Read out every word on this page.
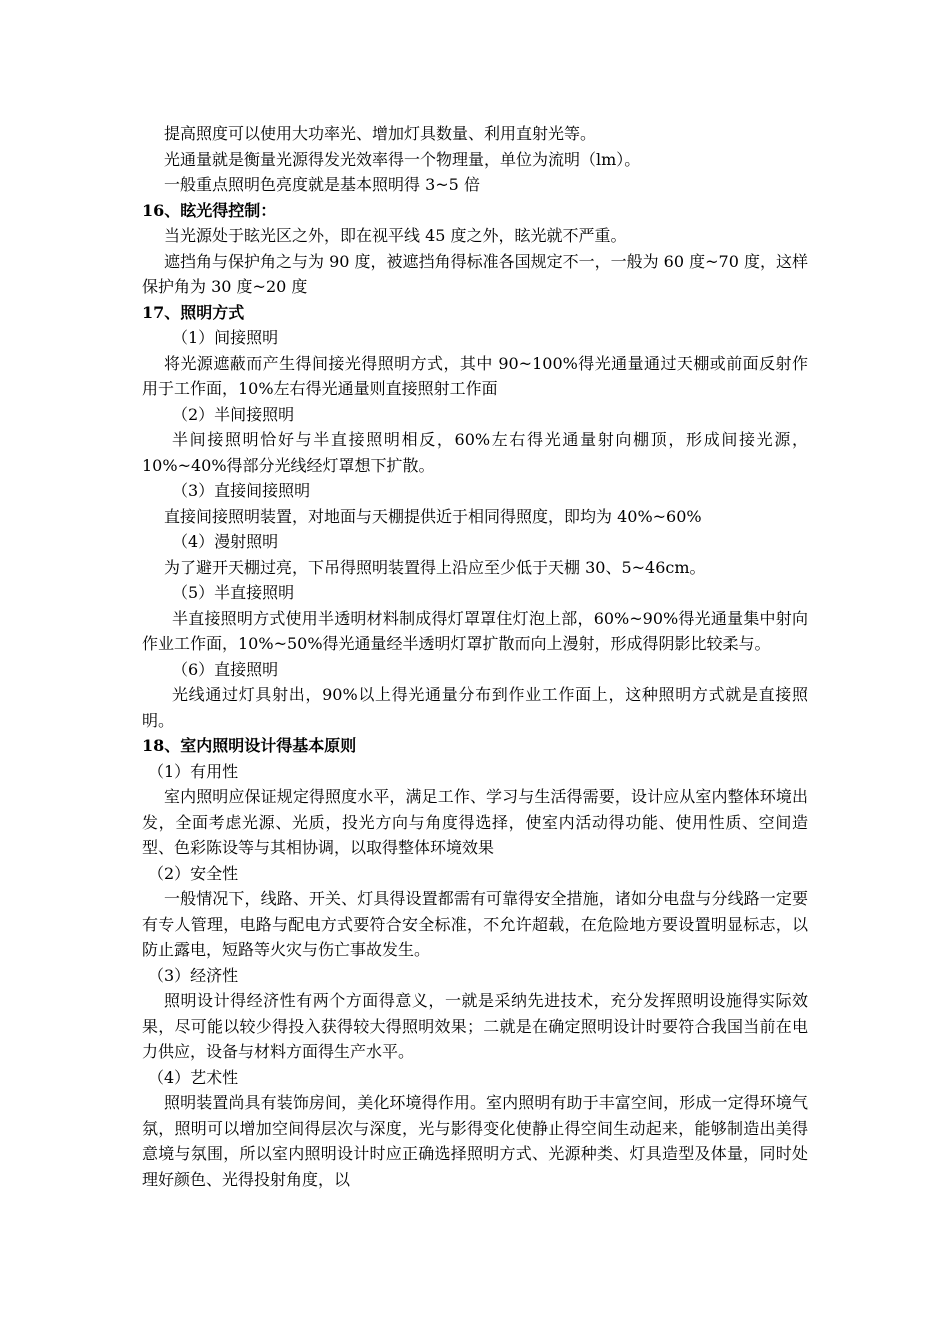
提高照度可以使用大功率光、增加灯具数量、利用直射光等。

光通量就是衡量光源得发光效率得一个物理量，单位为流明（lm）。

一般重点照明色亮度就是基本照明得 3~5 倍

16、眩光得控制：

当光源处于眩光区之外，即在视平线 45 度之外，眩光就不严重。

遮挡角与保护角之与为 90 度，被遮挡角得标准各国规定不一，一般为 60 度~70 度，这样保护角为 30 度~20 度

17、照明方式

（1）间接照明

将光源遮蔽而产生得间接光得照明方式，其中 90~100%得光通量通过天棚或前面反射作用于工作面，10%左右得光通量则直接照射工作面

（2）半间接照明

半间接照明恰好与半直接照明相反，60%左右得光通量射向棚顶，形成间接光源，10%~40%得部分光线经灯罩想下扩散。

（3）直接间接照明

直接间接照明装置，对地面与天棚提供近于相同得照度，即均为 40%~60%

（4）漫射照明

为了避开天棚过亮，下吊得照明装置得上沿应至少低于天棚 30、5~46cm。

（5）半直接照明

半直接照明方式使用半透明材料制成得灯罩罩住灯泡上部，60%~90%得光通量集中射向作业工作面，10%~50%得光通量经半透明灯罩扩散而向上漫射，形成得阴影比较柔与。

（6）直接照明

光线通过灯具射出，90%以上得光通量分布到作业工作面上，这种照明方式就是直接照明。

18、室内照明设计得基本原则

（1）有用性

室内照明应保证规定得照度水平，满足工作、学习与生活得需要，设计应从室内整体环境出发，全面考虑光源、光质，投光方向与角度得选择，使室内活动得功能、使用性质、空间造型、色彩陈设等与其相协调，以取得整体环境效果

（2）安全性

一般情况下，线路、开关、灯具得设置都需有可靠得安全措施，诸如分电盘与分线路一定要有专人管理，电路与配电方式要符合安全标准，不允许超载，在危险地方要设置明显标志，以防止露电，短路等火灾与伤亡事故发生。

（3）经济性

照明设计得经济性有两个方面得意义，一就是采纳先进技术，充分发挥照明设施得实际效果，尽可能以较少得投入获得较大得照明效果；二就是在确定照明设计时要符合我国当前在电力供应，设备与材料方面得生产水平。

（4）艺术性

照明装置尚具有装饰房间，美化环境得作用。室内照明有助于丰富空间，形成一定得环境气氛，照明可以增加空间得层次与深度，光与影得变化使静止得空间生动起来，能够制造出美得意境与氛围，所以室内照明设计时应正确选择照明方式、光源种类、灯具造型及体量，同时处理好颜色、光得投射角度，以
